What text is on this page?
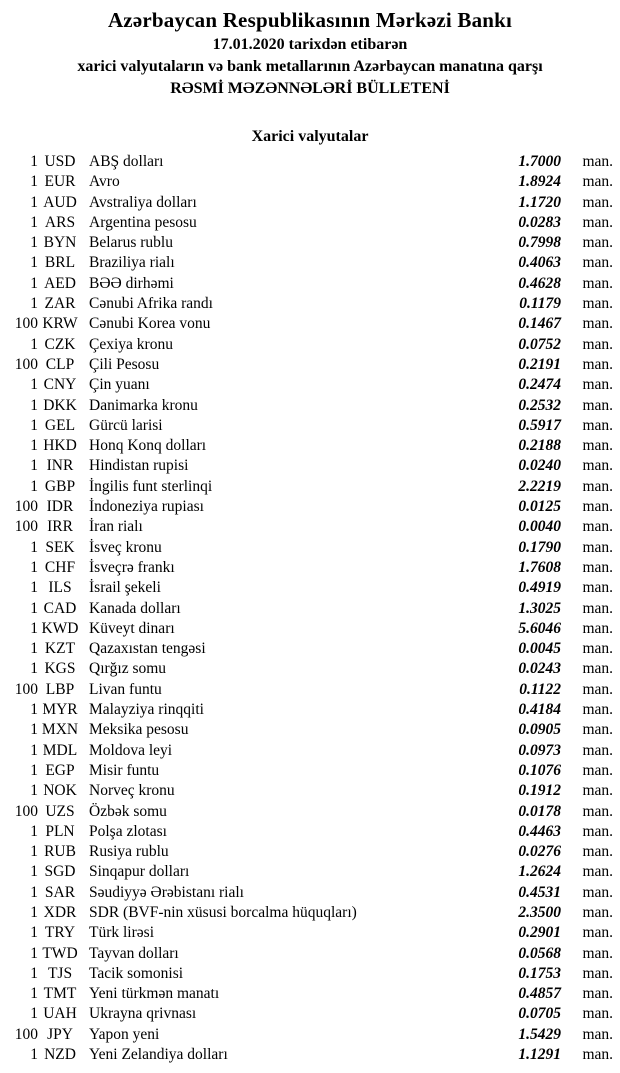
Azərbaycan Respublikasının Mərkəzi Bankı
17.01.2020 tarixdən etibarən
xarici valyutaların və bank metallarının Azərbaycan manatına qarşı
RƏSMİ MƏZƏNNƏLƏRİ BÜLLETENİ
Xarici valyutalar
1 USD ABŞ dolları	1.7000	man.
1 EUR Avro	1.8924	man.
1 AUD Avstraliya dolları	1.1720	man.
1 ARS Argentina pesosu	0.0283	man.
1 BYN Belarus rublu	0.7998	man.
1 BRL Braziliya rialı	0.4063	man.
1 AED BƏƏ dirhəmi	0.4628	man.
1 ZAR Cənubi Afrika randı	0.1179	man.
100 KRW Cənubi Korea vonu	0.1467	man.
1 CZK Çexiya kronu	0.0752	man.
100 CLP Çili Pesosu	0.2191	man.
1 CNY Çin yuanı	0.2474	man.
1 DKK Danimarka kronu	0.2532	man.
1 GEL Gürcü larisi	0.5917	man.
1 HKD Honq Konq dolları	0.2188	man.
1 INR	Hindistan rupisi	0.0240	man.
1 GBP İngilis funt sterlinqi	2.2219	man.
100 IDR	İndoneziya rupiası	0.0125	man.
100 IRR	İran rialı	0.0040	man.
1 SEK İsveç kronu	0.1790	man.
1 CHF İsveçrə frankı	1.7608	man.
1 ILS	İsrail şekeli	0.4919	man.
1 CAD Kanada dolları	1.3025	man.
1 KWD Küveyt dinarı	5.6046	man.
1 KZT Qazaxıstan tengəsi	0.0045	man.
1 KGS Qırğız somu	0.0243	man.
100 LBP Livan funtu	0.1122	man.
1 MYR Malayziya rinqqiti	0.4184	man.
1 MXN Meksika pesosu	0.0905	man.
1 MDL Moldova leyi	0.0973	man.
1 EGP Misir funtu	0.1076	man.
1 NOK Norveç kronu	0.1912	man.
100 UZS Özbək somu	0.0178	man.
1 PLN Polşa zlotası	0.4463	man.
1 RUB Rusiya rublu	0.0276	man.
1 SGD Sinqapur dolları	1.2624	man.
1 SAR Səudiyyə Ərəbistanı rialı	0.4531	man.
1 XDR SDR (BVF-nin xüsusi borcalma hüquqları)	2.3500	man.
1 TRY Türk lirəsi	0.2901	man.
1 TWD Tayvan dolları	0.0568	man.
1 TJS	Tacik somonisi	0.1753	man.
1 TMT Yeni türkmən manatı	0.4857	man.
1 UAH Ukrayna qrivnası	0.0705	man.
100 JPY	Yapon yeni	1.5429	man.
1 NZD Yeni Zelandiya dolları	1.1291	man.
